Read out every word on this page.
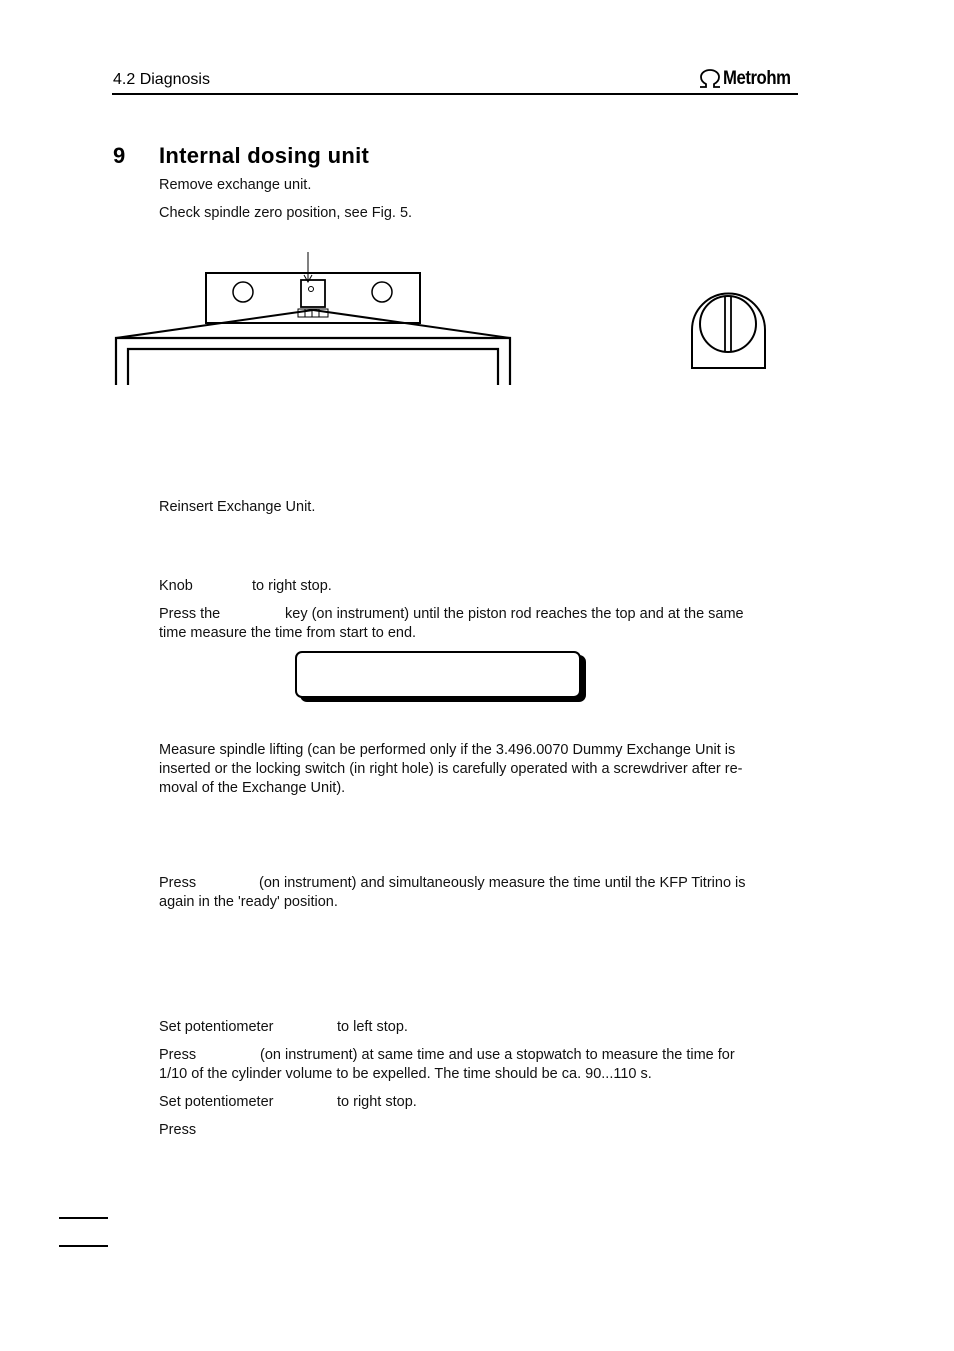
4.2 Diagnosis	Metrohm
9 Internal dosing unit
Remove exchange unit.
Check spindle zero position, see Fig. 5.
Reinsert Exchange Unit.
Knob	to right stop.
Press the	key (on instrument) until the piston rod reaches the top and at the same
time measure the time from start to end.
Measure spindle lifting (can be performed only if the 3.496.0070 Dummy Exchange Unit is
inserted or the locking switch (in right hole) is carefully operated with a screwdriver after re-
moval of the Exchange Unit).
Press	(on instrument) and simultaneously measure the time until the KFP Titrino is
again in the 'ready' position.
Set potentiometer	to left stop.
Press	(on instrument) at same time and use a stopwatch to measure the time for
1/10 of the cylinder volume to be expelled. The time should be ca. 90...110 s.
Set potentiometer	to right stop.
Press
